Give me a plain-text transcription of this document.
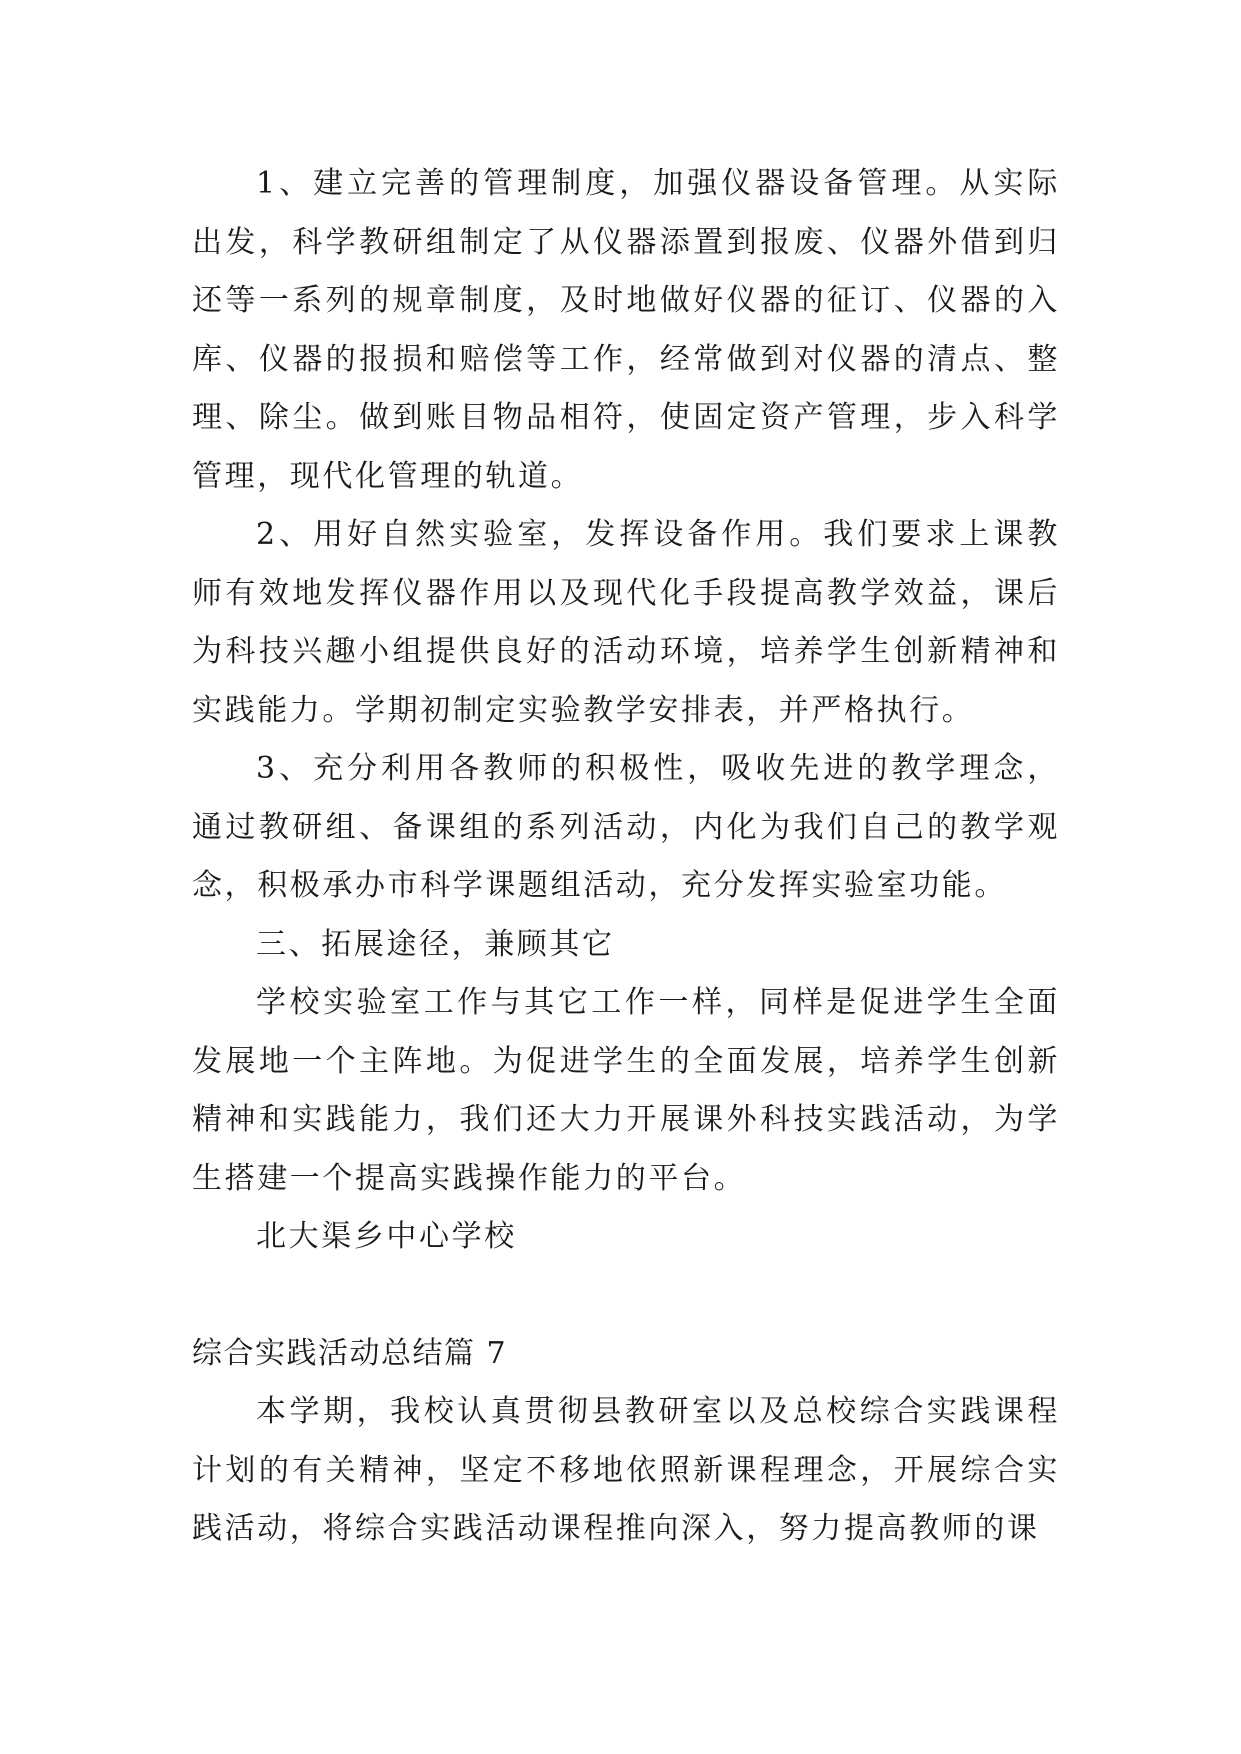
1、建立完善的管理制度，加强仪器设备管理。从实际出发，科学教研组制定了从仪器添置到报废、仪器外借到归还等一系列的规章制度，及时地做好仪器的征订、仪器的入库、仪器的报损和赔偿等工作，经常做到对仪器的清点、整理、除尘。做到账目物品相符，使固定资产管理，步入科学管理，现代化管理的轨道。

2、用好自然实验室，发挥设备作用。我们要求上课教师有效地发挥仪器作用以及现代化手段提高教学效益，课后为科技兴趣小组提供良好的活动环境，培养学生创新精神和实践能力。学期初制定实验教学安排表，并严格执行。

3、充分利用各教师的积极性，吸收先进的教学理念，通过教研组、备课组的系列活动，内化为我们自己的教学观念，积极承办市科学课题组活动，充分发挥实验室功能。

三、拓展途径，兼顾其它

学校实验室工作与其它工作一样，同样是促进学生全面发展地一个主阵地。为促进学生的全面发展，培养学生创新精神和实践能力，我们还大力开展课外科技实践活动，为学生搭建一个提高实践操作能力的平台。

北大渠乡中心学校

综合实践活动总结篇 7

本学期，我校认真贯彻县教研室以及总校综合实践课程计划的有关精神，坚定不移地依照新课程理念，开展综合实践活动，将综合实践活动课程推向深入，努力提高教师的课
